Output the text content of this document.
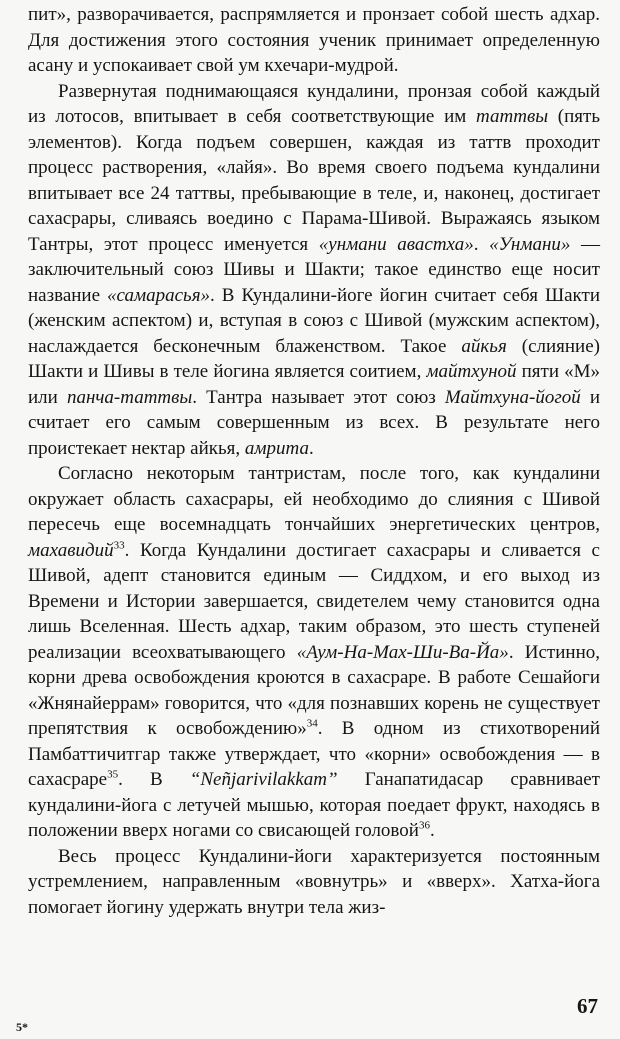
пит», разворачивается, распрямляется и пронзает собой шесть адхар. Для достижения этого состояния ученик принимает определенную асану и успокаивает свой ум кхечари-мудрой.

Развернутая поднимающаяся кундалини, пронзая собой каждый из лотосов, впитывает в себя соответствующие им таттвы (пять элементов). Когда подъем совершен, каждая из таттв проходит процесс растворения, «лайя». Во время своего подъема кундалини впитывает все 24 таттвы, пребывающие в теле, и, наконец, достигает сахасрары, сливаясь воедино с Парама-Шивой. Выражаясь языком Тантры, этот процесс именуется «унмани авастха». «Унмани» — заключительный союз Шивы и Шакти; такое единство еще носит название «самарасья». В Кундалини-йоге йогин считает себя Шакти (женским аспектом) и, вступая в союз с Шивой (мужским аспектом), наслаждается бесконечным блаженством. Такое айкья (слияние) Шакти и Шивы в теле йогина является соитием, майтхуной пяти «М» или панча-таттвы. Тантра называет этот союз Майтхуна-йогой и считает его самым совершенным из всех. В результате него проистекает нектар айкья, амрита.

Согласно некоторым тантристам, после того, как кундалини окружает область сахасрары, ей необходимо до слияния с Шивой пересечь еще восемнадцать тончайших энергетических центров, махавидий$^{33}$. Когда Кундалини достигает сахасрары и сливается с Шивой, адепт становится единым — Сиддхом, и его выход из Времени и Истории завершается, свидетелем чему становится одна лишь Вселенная. Шесть адхар, таким образом, это шесть ступеней реализации всеохватывающего «Аум-На-Мах-Ши-Ва-Йа». Истинно, корни древа освобождения кроются в сахасраре. В работе Сешайоги «Жнянайеррам» говорится, что «для познавших корень не существует препятствия к освобождению»$^{34}$. В одном из стихотворений Памбаттичитгар также утверждает, что «корни» освобождения — в сахасраре$^{35}$. В “Neñjarivilakkam” Ганапатидасар сравнивает кундалини-йога с летучей мышью, которая поедает фрукт, находясь в положении вверх ногами со свисающей головой$^{36}$.

Весь процесс Кундалини-йоги характеризуется постоянным устремлением, направленным «вовнутрь» и «вверх». Хатха-йога помогает йогину удержать внутри тела жиз-

67
5*
